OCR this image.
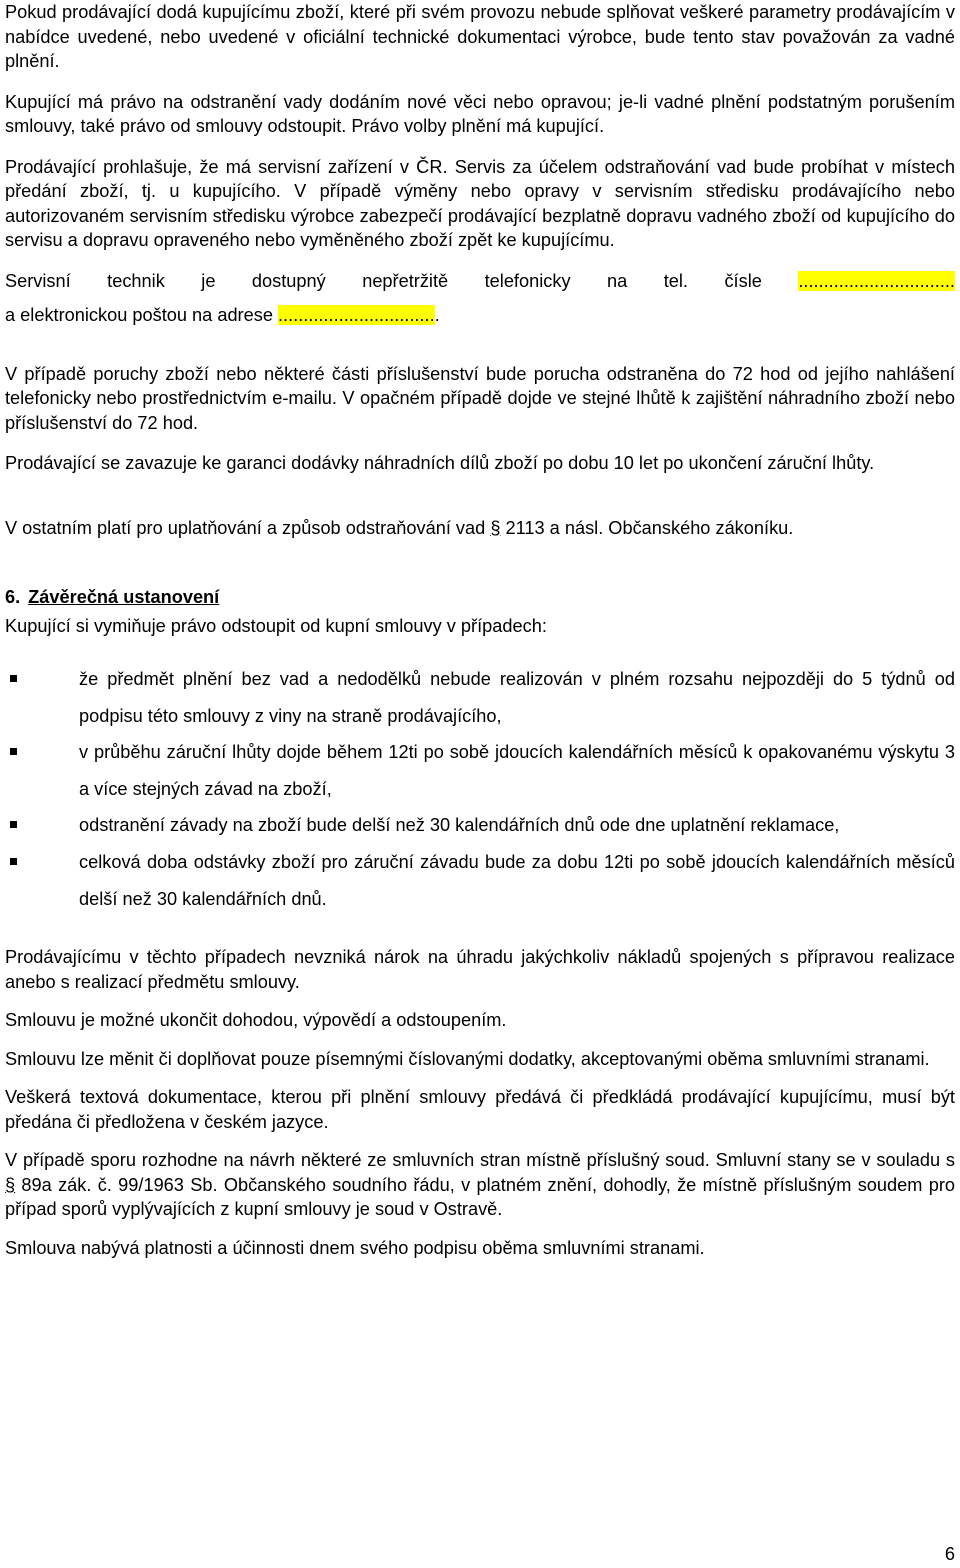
Pokud prodávající dodá kupujícímu zboží, které při svém provozu nebude splňovat veškeré parametry prodávajícím v nabídce uvedené, nebo uvedené v oficiální technické dokumentaci výrobce, bude tento stav považován za vadné plnění.

Kupující má právo na odstranění vady dodáním nové věci nebo opravou; je-li vadné plnění podstatným porušením smlouvy, také právo od smlouvy odstoupit. Právo volby plnění má kupující.

Prodávající prohlašuje, že má servisní zařízení v ČR. Servis za účelem odstraňování vad bude probíhat v místech předání zboží, tj. u kupujícího. V případě výměny nebo opravy v servisním středisku prodávajícího nebo autorizovaném servisním středisku výrobce zabezpečí prodávající bezplatně dopravu vadného zboží od kupujícího do servisu a dopravu opraveného nebo vyměněného zboží zpět ke kupujícímu.

Servisní technik je dostupný nepřetržitě telefonicky na tel. čísle ...............................

a elektronickou poštou na adrese ................................

V případě poruchy zboží nebo některé části příslušenství bude porucha odstraněna do 72 hod od jejího nahlášení telefonicky nebo prostřednictvím e-mailu. V opačném případě dojde ve stejné lhůtě k zajištění náhradního zboží nebo příslušenství do 72 hod.

Prodávající se zavazuje ke garanci dodávky náhradních dílů zboží po dobu 10 let po ukončení záruční lhůty.

V ostatním platí pro uplatňování a způsob odstraňování vad § 2113 a násl. Občanského zákoníku.

6. Závěrečná ustanovení

Kupující si vymiňuje právo odstoupit od kupní smlouvy v případech:

že předmět plnění bez vad a nedodělků nebude realizován v plném rozsahu nejpozději do 5 týdnů od podpisu této smlouvy z viny na straně prodávajícího,
v průběhu záruční lhůty dojde během 12ti po sobě jdoucích kalendářních měsíců k opakovanému výskytu 3 a více stejných závad na zboží,
odstranění závady na zboží bude delší než 30 kalendářních dnů ode dne uplatnění reklamace,
celková doba odstávky zboží pro záruční závadu bude za dobu 12ti po sobě jdoucích kalendářních měsíců delší než 30 kalendářních dnů.

Prodávajícímu v těchto případech nevzniká nárok na úhradu jakýchkoliv nákladů spojených s přípravou realizace anebo s realizací předmětu smlouvy.

Smlouvu je možné ukončit dohodou, výpovědí a odstoupením.

Smlouvu lze měnit či doplňovat pouze písemnými číslovanými dodatky, akceptovanými oběma smluvními stranami.

Veškerá textová dokumentace, kterou při plnění smlouvy předává či předkládá prodávající kupujícímu, musí být předána či předložena v českém jazyce.

V případě sporu rozhodne na návrh některé ze smluvních stran místně příslušný soud. Smluvní stany se v souladu s § 89a zák. č. 99/1963 Sb. Občanského soudního řádu, v platném znění, dohodly, že místně příslušným soudem pro případ sporů vyplývajících z kupní smlouvy je soud v Ostravě.

Smlouva nabývá platnosti a účinnosti dnem svého podpisu oběma smluvními stranami.

6
